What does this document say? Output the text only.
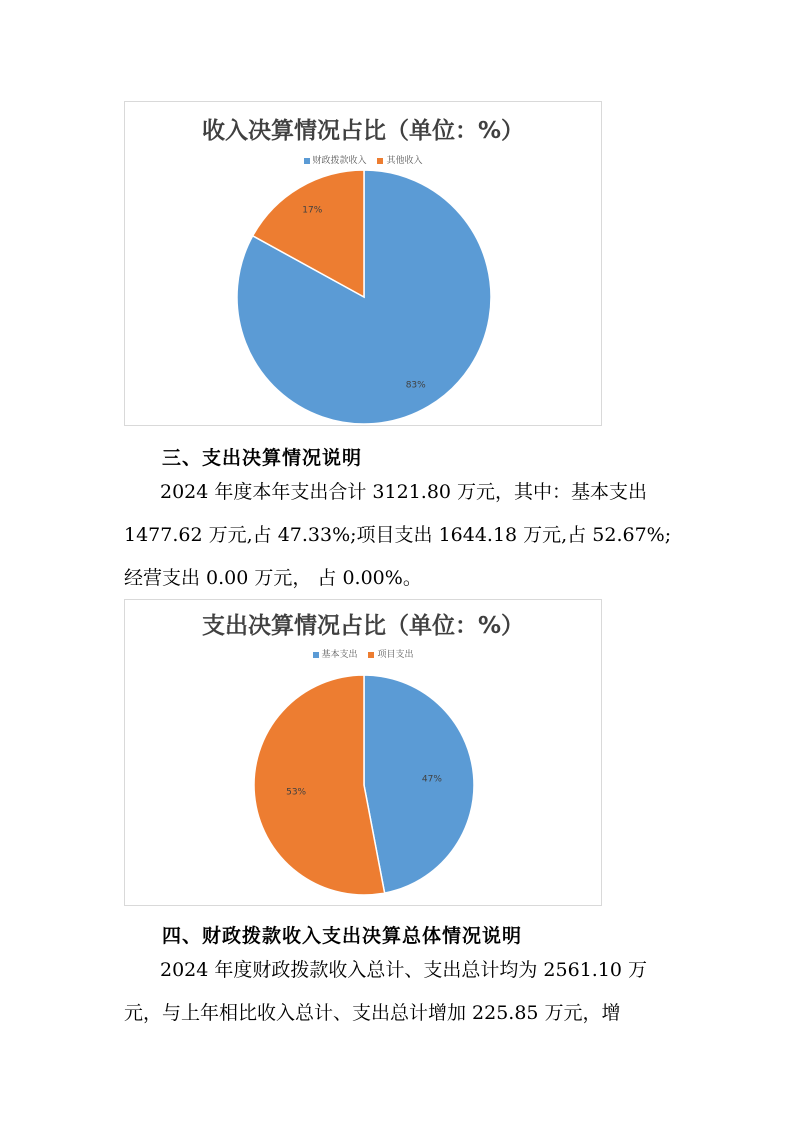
收入决算情况占比（单位：%）
财政拨款收入 其他收入
83%
17%
三、支出决算情况说明
2024 年度本年支出合计 3121.80 万元，其中：基本支出
1477.62 万元,占 47.33%;项目支出 1644.18 万元,占 52.67%;
经营支出 0.00 万元， 占 0.00%。
支出决算情况占比（单位：%）
基本支出 项目支出
47%
53%
四、财政拨款收入支出决算总体情况说明
2024 年度财政拨款收入总计、支出总计均为 2561.10 万
元，与上年相比收入总计、支出总计增加 225.85 万元，增
